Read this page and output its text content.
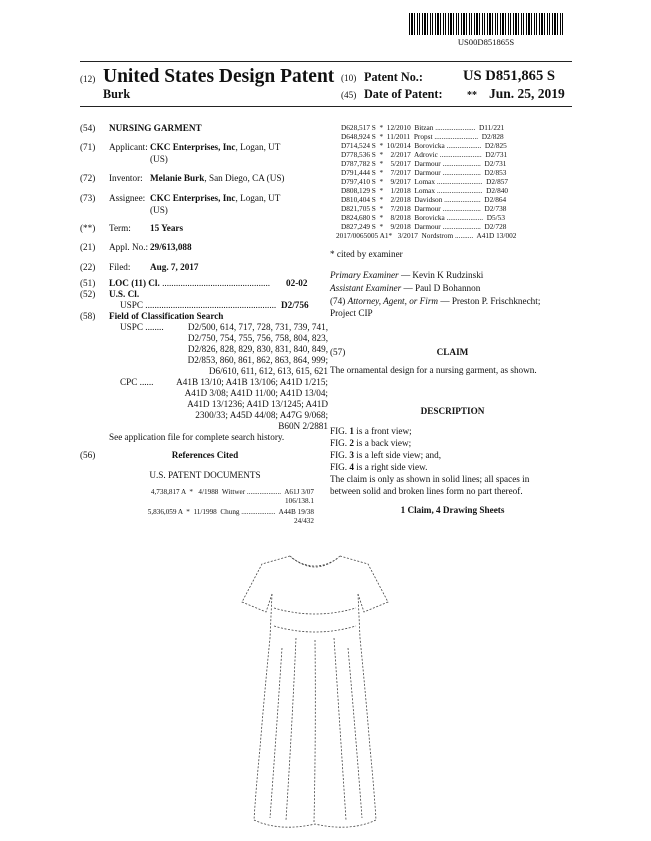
US00D851865S
(12) United States Design Patent
Burk
(10) Patent No.:	US D851,865 S
(45) Date of Patent: ** Jun. 25, 2019
(54) NURSING GARMENT
(71) Applicant: CKC Enterprises, Inc, Logan, UT
(US)
(72) Inventor: Melanie Burk, San Diego, CA (US)
(73) Assignee: CKC Enterprises, Inc, Logan, UT
(US)
(**) Term: 15 Years
(21) Appl. No.: 29/613,088
(22) Filed: Aug. 7, 2017
(51) LOC (11) Cl. ............................................... 02-02
(52) U.S. Cl.
USPC ......................................................... D2/756
(58) Field of Classification Search
USPC ........	D2/500, 614, 717, 728, 731, 739, 741,
D2/750, 754, 755, 756, 758, 804, 823,
D2/826, 828, 829, 830, 831, 840, 849,
D2/853, 860, 861, 862, 863, 864, 999;
D6/610, 611, 612, 613, 615, 621
CPC ......	A41B 13/10; A41B 13/106; A41D 1/215;
A41D 3/08; A41D 11/00; A41D 13/04;
A41D 13/1236; A41D 13/1245; A41D
2300/33; A45D 44/08; A47G 9/068;
B60N 2/2881
See application file for complete search history.
(56)	References Cited
U.S. PATENT DOCUMENTS
4,738,817 A  *   4/1988  Wittwer ...................  A61J 3/07
106/138.1
5,836,059 A  *  11/1998  Chung ...................  A44B 19/38
24/432
D628,517 S  *  12/2010  Bitzan ......................  D11/221
D648,924 S  *  11/2011  Propst ........................  D2/828
D714,524 S  *  10/2014  Borovicka ...................  D2/825
D778,536 S  *    2/2017  Adrovic .......................  D2/731
D787,782 S  *    5/2017  Darmour .....................  D2/731
D791,444 S  *    7/2017  Darmour .....................  D2/853
D797,410 S  *    9/2017  Lomax .........................  D2/857
D808,129 S  *    1/2018  Lomax .........................  D2/840
D810,404 S  *    2/2018  Davidson ....................  D2/864
D821,705 S  *    7/2018  Darmour .....................  D2/738
D824,680 S  *    8/2018  Borovicka ....................  D5/53
D827,249 S  *    9/2018  Darmour .....................  D2/728
2017/0065005 A1*   3/2017  Nordstrom ..........  A41D 13/002
* cited by examiner
Primary Examiner — Kevin K Rudzinski
Assistant Examiner — Paul D Bohannon
(74) Attorney, Agent, or Firm — Preston P. Frischknecht;
Project CIP
(57)	CLAIM
The ornamental design for a nursing garment, as shown.
DESCRIPTION
FIG. 1 is a front view;
FIG. 2 is a back view;
FIG. 3 is a left side view; and,
FIG. 4 is a right side view.
The claim is only as shown in solid lines; all spaces in
between solid and broken lines form no part thereof.
1 Claim, 4 Drawing Sheets
